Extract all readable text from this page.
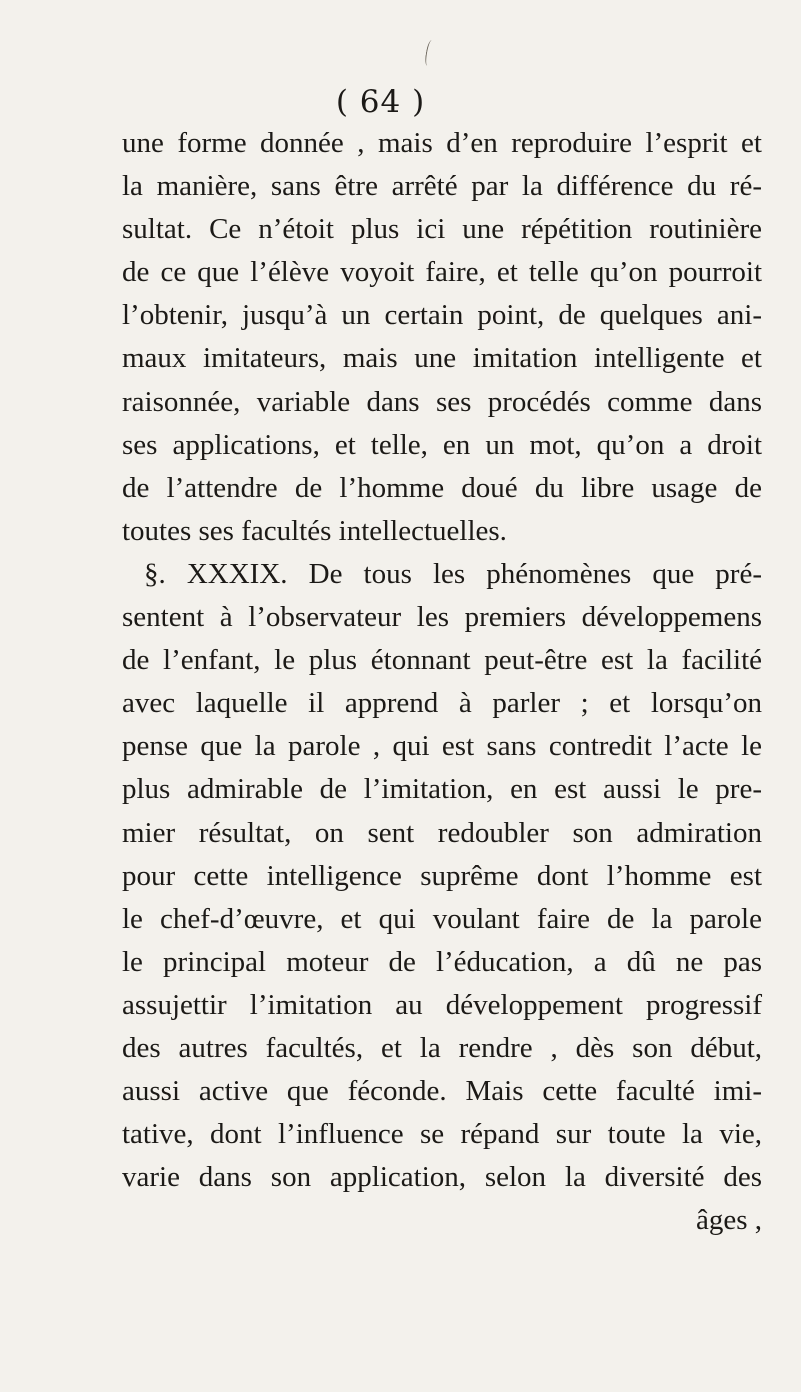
( 64 )
une forme donnée , mais d’en reproduire l’esprit et
la manière, sans être arrêté par la différence du ré-
sultat. Ce n’étoit plus ici une répétition routinière
de ce que l’élève voyoit faire, et telle qu’on pourroit
l’obtenir, jusqu’à un certain point, de quelques ani-
maux imitateurs, mais une imitation intelligente et
raisonnée, variable dans ses procédés comme dans
ses applications, et telle, en un mot, qu’on a droit
de l’attendre de l’homme doué du libre usage de
toutes ses facultés intellectuelles.
§. XXXIX. De tous les phénomènes que pré-
sentent à l’observateur les premiers développemens
de l’enfant, le plus étonnant peut-être est la facilité
avec laquelle il apprend à parler ; et lorsqu’on
pense que la parole , qui est sans contredit l’acte le
plus admirable de l’imitation, en est aussi le pre-
mier résultat, on sent redoubler son admiration
pour cette intelligence suprême dont l’homme est
le chef-d’œuvre, et qui voulant faire de la parole
le principal moteur de l’éducation, a dû ne pas
assujettir l’imitation au développement progressif
des autres facultés, et la rendre , dès son début,
aussi active que féconde. Mais cette faculté imi-
tative, dont l’influence se répand sur toute la vie,
varie dans son application, selon la diversité des
âges ,
